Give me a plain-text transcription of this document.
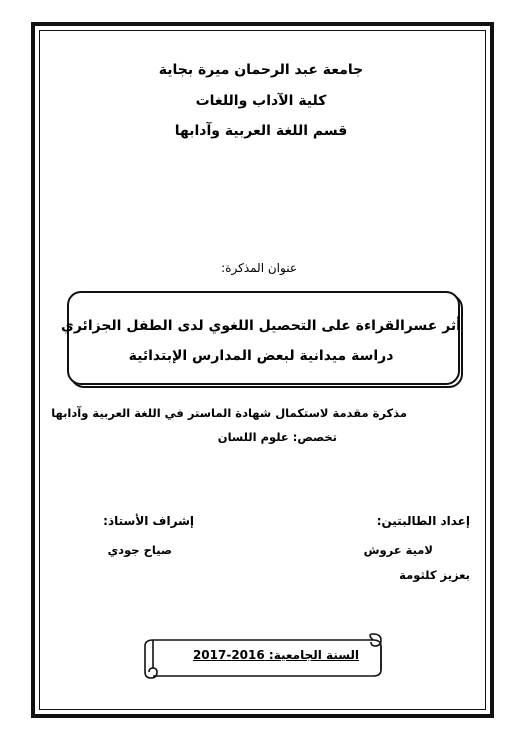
جامعة عبد الرحمان ميرة بجاية
كلية الآداب واللغات
قسم اللغة العربية وآدابها
عنوان المذكرة:
أثر عسرالقراءة على التحصيل اللغوي لدى الطفل الجزائري
دراسة ميدانية لبعض المدارس الإبتدائية
مذكرة مقدمة لاستكمال شهادة الماستر في اللغة العربية وآدابها
تخصص: علوم اللسان
إعداد الطالبتين:
إشراف الأستاذ:
لامية عروش
صياح جودي
بعزيز كلثومة
السنة الجامعية: 2016-2017
